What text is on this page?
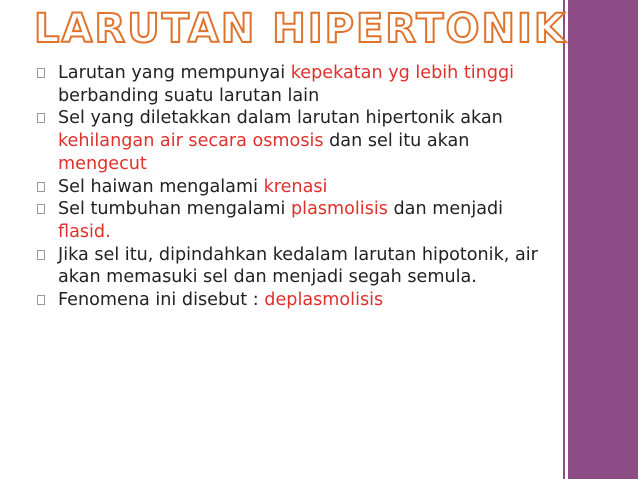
LARUTAN HIPERTONIK
Larutan yang mempunyai kepekatan yg lebih tinggi berbanding suatu larutan lain
Sel yang diletakkan dalam larutan hipertonik akan kehilangan air secara osmosis dan sel itu akan mengecut
Sel haiwan mengalami krenasi
Sel tumbuhan mengalami plasmolisis dan menjadi flasid.
Jika sel itu, dipindahkan kedalam larutan hipotonik, air akan memasuki sel dan menjadi segah semula.
Fenomena ini disebut : deplasmolisis
